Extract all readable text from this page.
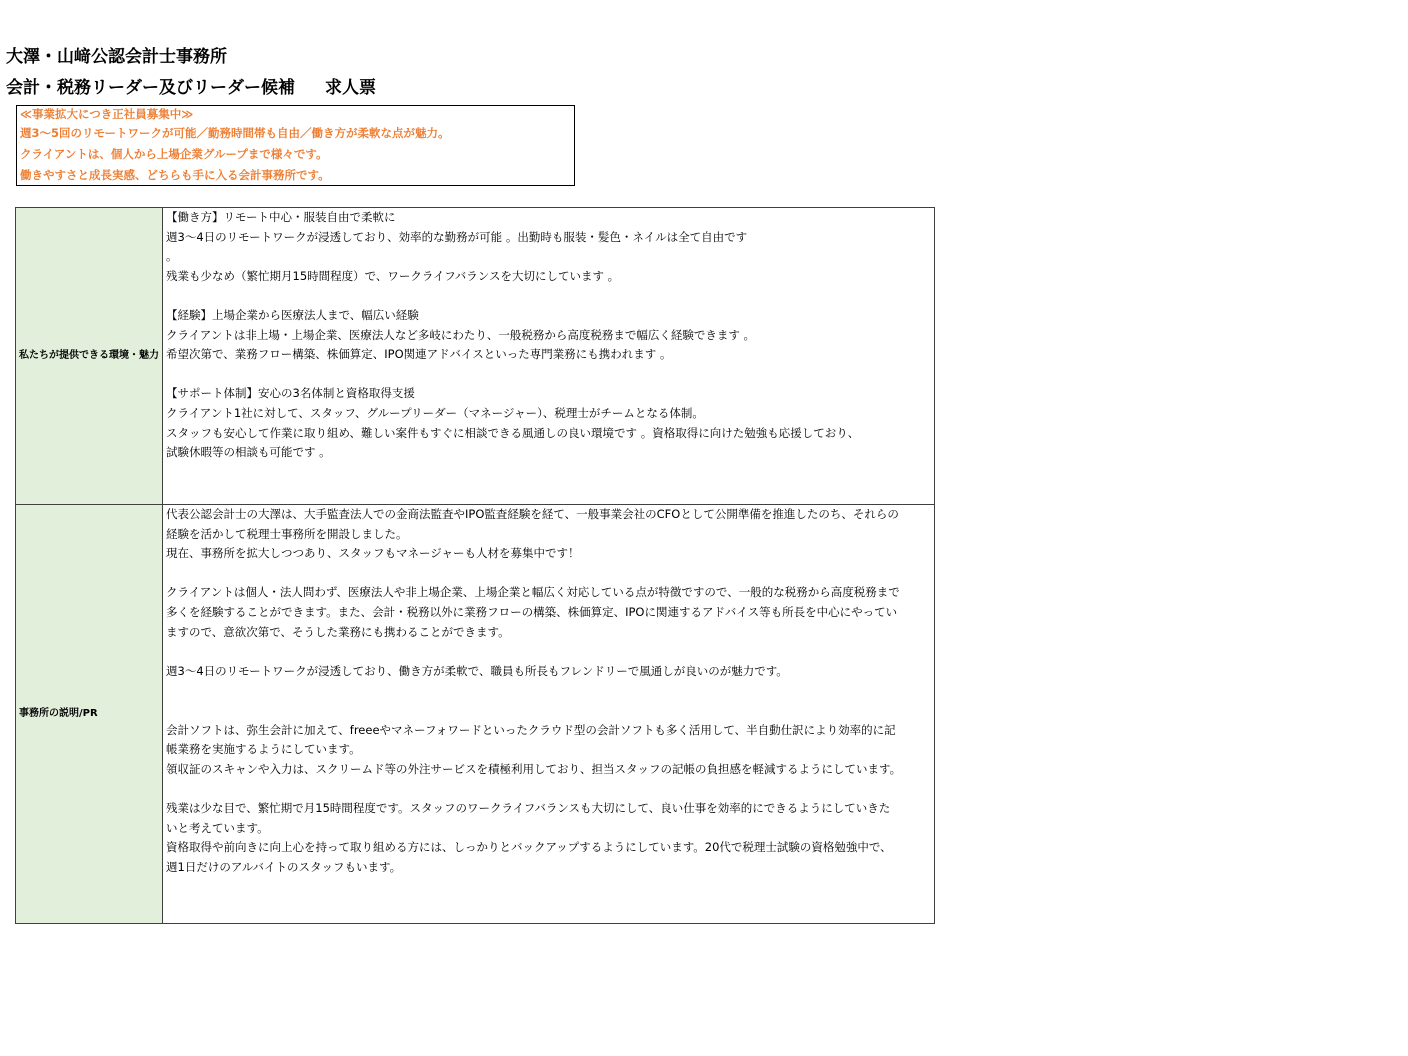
大澤・山﨑公認会計士事務所
会計・税務リーダー及びリーダー候補 求人票
≪事業拡大につき正社員募集中≫
週3～5回のリモートワークが可能／勤務時間帯も自由／働き方が柔軟な点が魅力。
クライアントは、個人から上場企業グループまで様々です。
働きやすさと成長実感、どちらも手に入る会計事務所です。
私たちが提供できる環境・魅力
【働き方】リモート中心・服装自由で柔軟に
週3～4日のリモートワークが浸透しており、効率的な勤務が可能 。出勤時も服装・髪色・ネイルは全て自由です
。
残業も少なめ（繁忙期月15時間程度）で、ワークライフバランスを大切にしています 。
【経験】上場企業から医療法人まで、幅広い経験
クライアントは非上場・上場企業、医療法人など多岐にわたり、一般税務から高度税務まで幅広く経験できます 。
希望次第で、業務フロー構築、株価算定、IPO関連アドバイスといった専門業務にも携われます 。
【サポート体制】安心の3名体制と資格取得支援
クライアント1社に対して、スタッフ、グループリーダー（マネージャー）、税理士がチームとなる体制。
スタッフも安心して作業に取り組め、難しい案件もすぐに相談できる風通しの良い環境です 。資格取得に向けた勉強も応援しており、
試験休暇等の相談も可能です 。
事務所の説明/PR
代表公認会計士の大澤は、大手監査法人での金商法監査やIPO監査経験を経て、一般事業会社のCFOとして公開準備を推進したのち、それらの
経験を活かして税理士事務所を開設しました。
現在、事務所を拡大しつつあり、スタッフもマネージャーも人材を募集中です！
クライアントは個人・法人問わず、医療法人や非上場企業、上場企業と幅広く対応している点が特徴ですので、一般的な税務から高度税務まで
多くを経験することができます。また、会計・税務以外に業務フローの構築、株価算定、IPOに関連するアドバイス等も所長を中心にやってい
ますので、意欲次第で、そうした業務にも携わることができます。
週3～4日のリモートワークが浸透しており、働き方が柔軟で、職員も所長もフレンドリーで風通しが良いのが魅力です。
会計ソフトは、弥生会計に加えて、freeeやマネーフォワードといったクラウド型の会計ソフトも多く活用して、半自動仕訳により効率的に記
帳業務を実施するようにしています。
領収証のスキャンや入力は、スクリームド等の外注サービスを積極利用しており、担当スタッフの記帳の負担感を軽減するようにしています。
残業は少な目で、繁忙期で月15時間程度です。スタッフのワークライフバランスも大切にして、良い仕事を効率的にできるようにしていきた
いと考えています。
資格取得や前向きに向上心を持って取り組める方には、しっかりとバックアップするようにしています。20代で税理士試験の資格勉強中で、
週1日だけのアルバイトのスタッフもいます。
